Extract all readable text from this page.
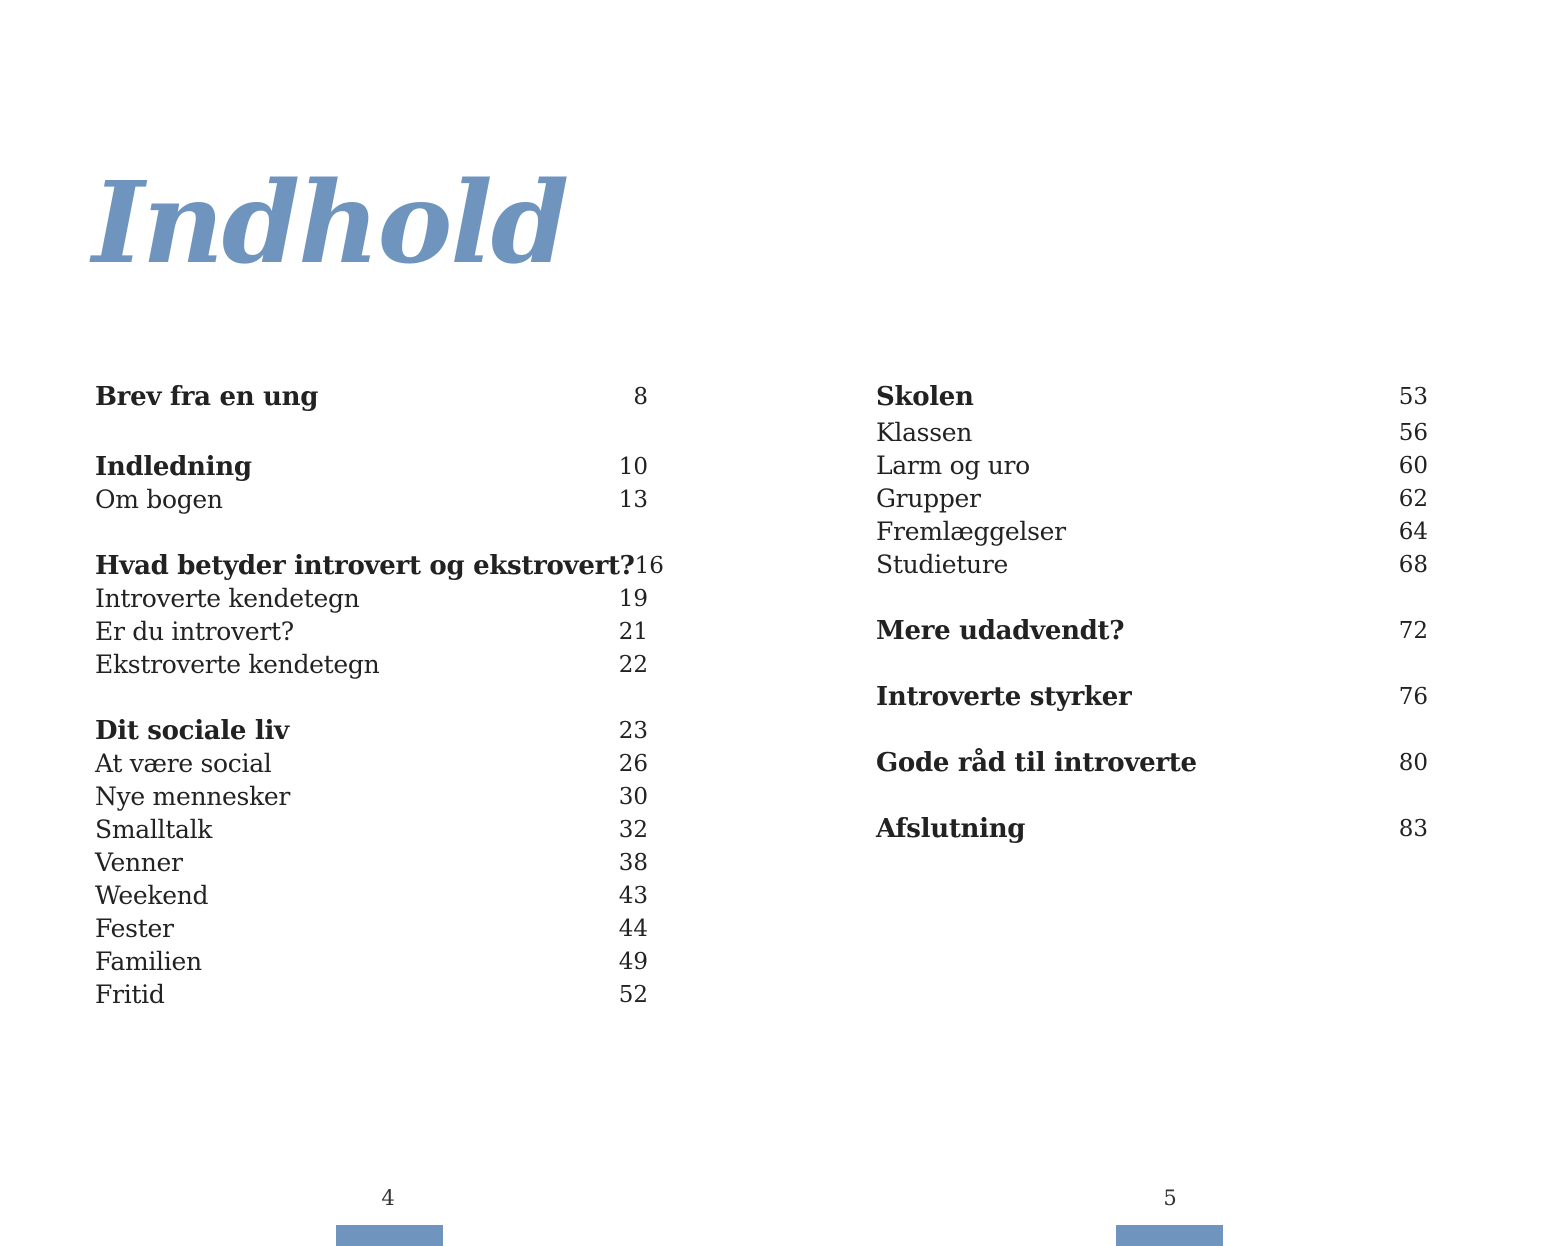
Indhold
Brev fra en ung	8
Indledning	10
Om bogen	13
Hvad betyder introvert og ekstrovert? 16
Introverte kendetegn	19
Er du introvert?	21
Ekstroverte kendetegn	22
Dit sociale liv	23
At være social	26
Nye mennesker	30
Smalltalk	32
Venner	38
Weekend	43
Fester	44
Familien	49
Fritid	52
Skolen	53
Klassen	56
Larm og uro	60
Grupper	62
Fremlæggelser	64
Studieture	68
Mere udadvendt?	72
Introverte styrker	76
Gode råd til introverte	80
Afslutning	83
4	5
